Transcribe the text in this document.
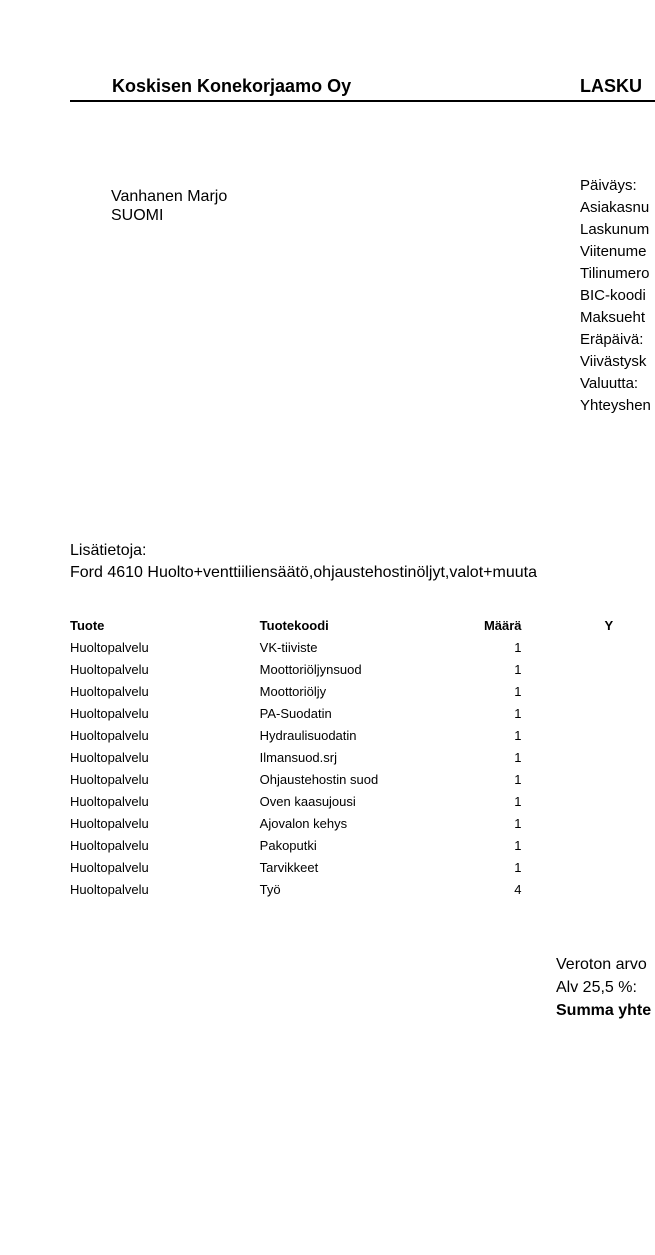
Koskisen Konekorjaamo Oy	LASKU
Vanhanen Marjo
SUOMI
Päiväys:
Asiakasnu
Laskunum
Viitenume
Tilinumero
BIC-koodi
Maksueht
Eräpäivä:
Viivästysk
Valuutta:
Yhteyshen
Lisätietoja:
Ford 4610 Huolto+venttiiliensäätö,ohjaustehostinöljyt,valot+muuta
Tuote	Tuotekoodi	Määrä	Y
Huoltopalvelu	VK-tiiviste	1	
Huoltopalvelu	Moottoriöljynsuod	1	
Huoltopalvelu	Moottoriöljy	1	
Huoltopalvelu	PA-Suodatin	1	
Huoltopalvelu	Hydraulisuodatin	1	
Huoltopalvelu	Ilmansuod.srj	1	
Huoltopalvelu	Ohjaustehostin suod	1	
Huoltopalvelu	Oven kaasujousi	1	
Huoltopalvelu	Ajovalon kehys	1	
Huoltopalvelu	Pakoputki	1	
Huoltopalvelu	Tarvikkeet	1	
Huoltopalvelu	Työ	4	
Veroton arvo
Alv 25,5 %:
Summa yhte
